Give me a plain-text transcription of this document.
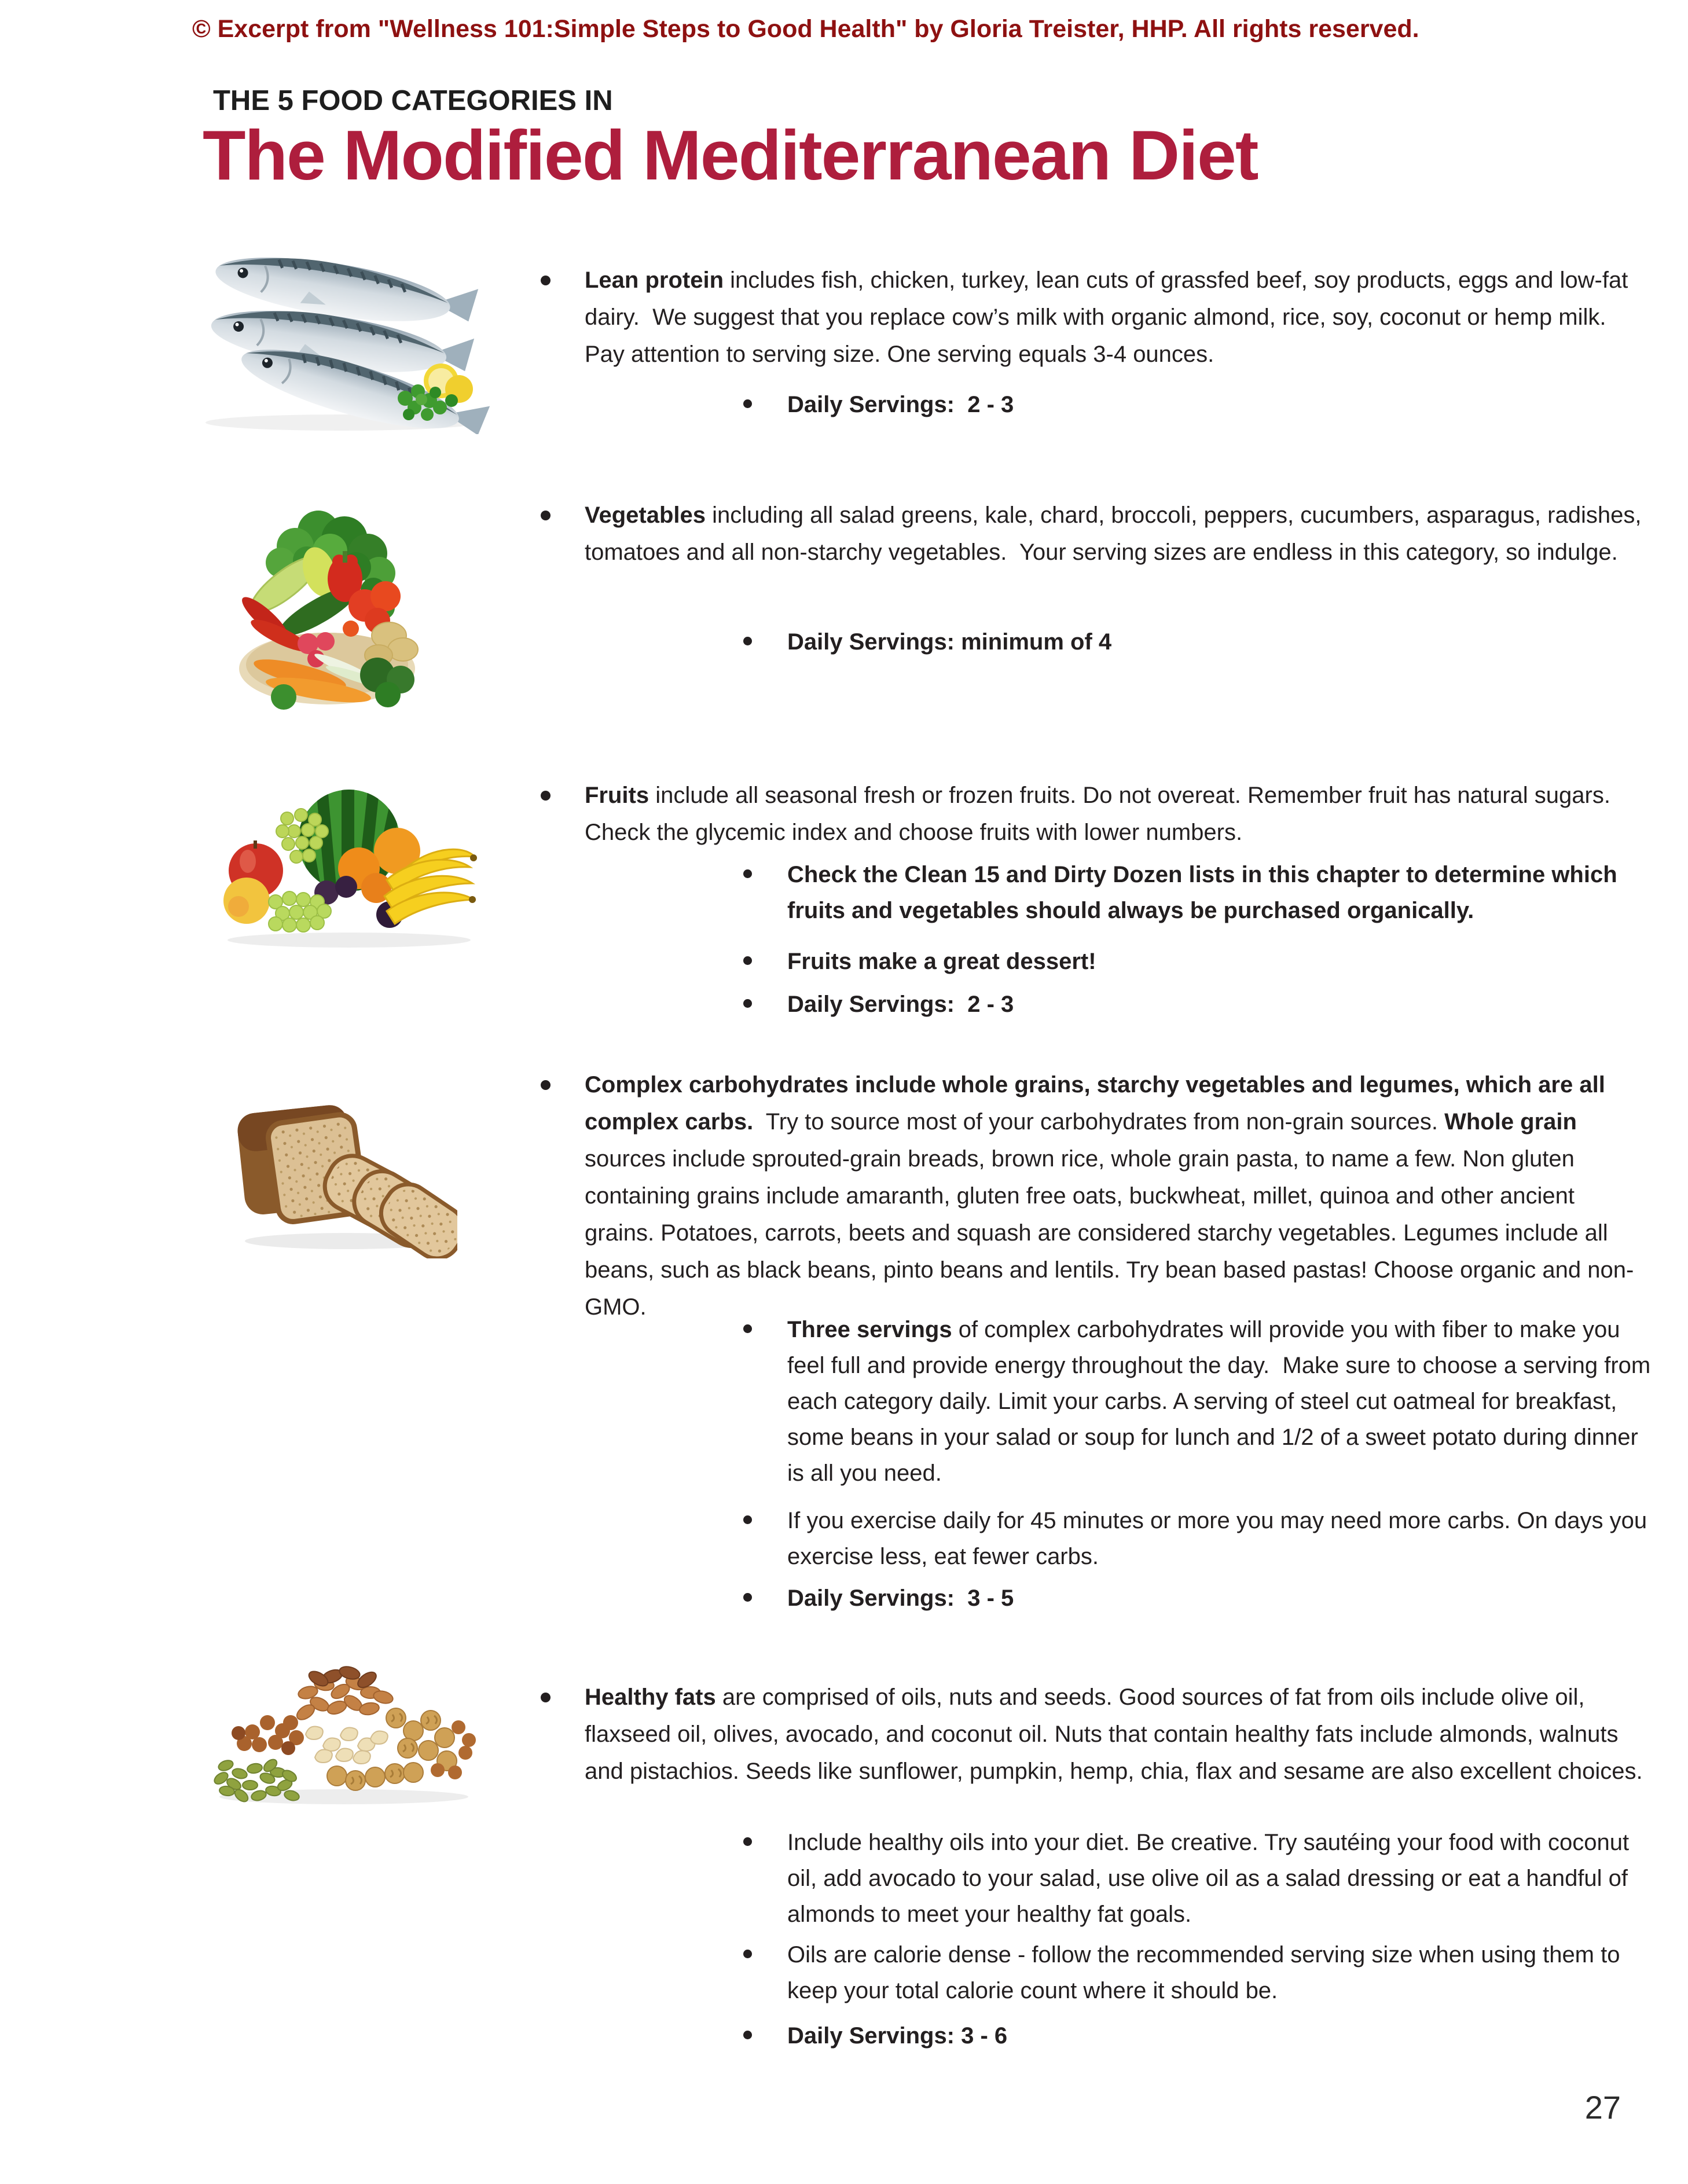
© Excerpt from "Wellness 101:Simple Steps to Good Health" by Gloria Treister, HHP. All rights reserved.
THE 5 FOOD CATEGORIES IN
The Modified Mediterranean Diet
Lean protein includes fish, chicken, turkey, lean cuts of grassfed beef, soy products, eggs and low-fat dairy.  We suggest that you replace cow’s milk with organic almond, rice, soy, coconut or hemp milk. Pay attention to serving size. One serving equals 3-4 ounces.
Daily Servings:  2 - 3
Vegetables including all salad greens, kale, chard, broccoli, peppers, cucumbers, asparagus, radishes, tomatoes and all non-starchy vegetables.  Your serving sizes are endless in this category, so indulge.
Daily Servings: minimum of 4
Fruits include all seasonal fresh or frozen fruits. Do not overeat. Remember fruit has natural sugars. Check the glycemic index and choose fruits with lower numbers.
Check the Clean 15 and Dirty Dozen lists in this chapter to determine which fruits and vegetables should always be purchased organically.
Fruits make a great dessert!
Daily Servings:  2 - 3
Complex carbohydrates include whole grains, starchy vegetables and legumes, which are all complex carbs.  Try to source most of your carbohydrates from non-grain sources. Whole grain sources include sprouted-grain breads, brown rice, whole grain pasta, to name a few. Non gluten containing grains include amaranth, gluten free oats, buckwheat, millet, quinoa and other ancient grains. Potatoes, carrots, beets and squash are considered starchy vegetables. Legumes include all beans, such as black beans, pinto beans and lentils. Try bean based pastas! Choose organic and non-GMO.
Three servings of complex carbohydrates will provide you with fiber to make you feel full and provide energy throughout the day.  Make sure to choose a serving from each category daily. Limit your carbs. A serving of steel cut oatmeal for breakfast, some beans in your salad or soup for lunch and 1/2 of a sweet potato during dinner is all you need.
If you exercise daily for 45 minutes or more you may need more carbs. On days you exercise less, eat fewer carbs.
Daily Servings:  3 - 5
Healthy fats are comprised of oils, nuts and seeds. Good sources of fat from oils include olive oil, flaxseed oil, olives, avocado, and coconut oil. Nuts that contain healthy fats include almonds, walnuts and pistachios. Seeds like sunflower, pumpkin, hemp, chia, flax and sesame are also excellent choices.
Include healthy oils into your diet. Be creative. Try sautéing your food with coconut oil, add avocado to your salad, use olive oil as a salad dressing or eat a handful of almonds to meet your healthy fat goals.
Oils are calorie dense - follow the recommended serving size when using them to keep your total calorie count where it should be.
Daily Servings: 3 - 6
27
